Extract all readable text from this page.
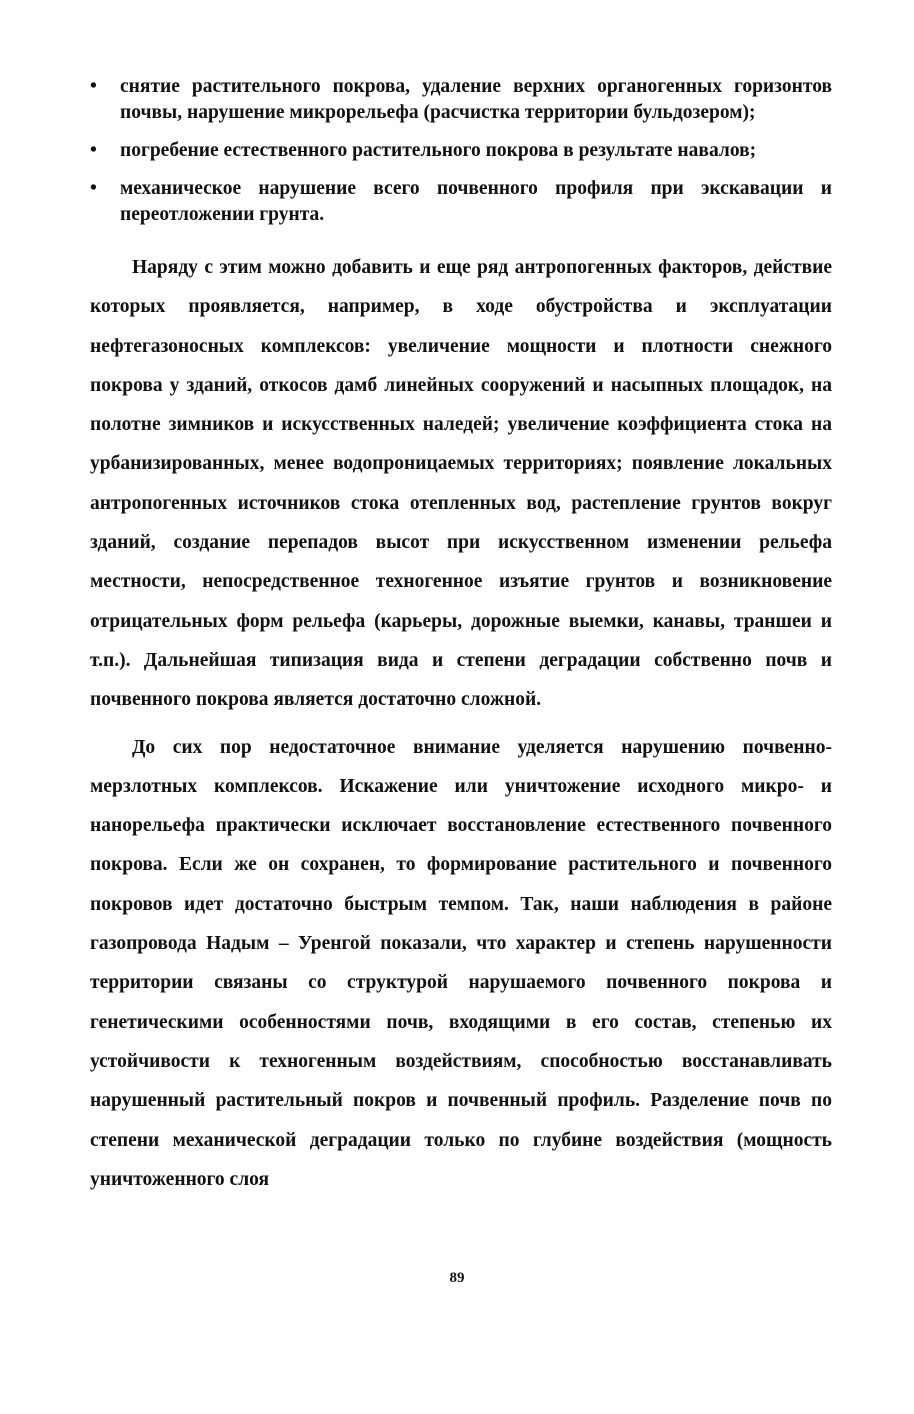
•	снятие растительного покрова, удаление верхних органогенных горизонтов почвы, нарушение микрорельефа (расчистка территории бульдозером);
•	погребение естественного растительного покрова в результате навалов;
•	механическое нарушение всего почвенного профиля при экскавации и переотложении грунта.

Наряду с этим можно добавить и еще ряд антропогенных факторов, действие которых проявляется, например, в ходе обустройства и эксплуатации нефтегазоносных комплексов: увеличение мощности и плотности снежного покрова у зданий, откосов дамб линейных сооружений и насыпных площадок, на полотне зимников и искусственных наледей; увеличение коэффициента стока на урбанизированных, менее водопроницаемых территориях; появление локальных антропогенных источников стока отепленных вод, растепление грунтов вокруг зданий, создание перепадов высот при искусственном изменении рельефа местности, непосредственное техногенное изъятие грунтов и возникновение отрицательных форм рельефа (карьеры, дорожные выемки, канавы, траншеи и т.п.). Дальнейшая типизация вида и степени деградации собственно почв и почвенного покрова является достаточно сложной.

До сих пор недостаточное внимание уделяется нарушению почвенно-мерзлотных комплексов. Искажение или уничтожение исходного микро- и нанорельефа практически исключает восстановление естественного почвенного покрова. Если же он сохранен, то формирование растительного и почвенного покровов идет достаточно быстрым темпом. Так, наши наблюдения в районе газопровода Надым – Уренгой показали, что характер и степень нарушенности территории связаны со структурой нарушаемого почвенного покрова и генетическими особенностями почв, входящими в его состав, степенью их устойчивости к техногенным воздействиям, способностью восстанавливать нарушенный растительный покров и почвенный профиль. Разделение почв по степени механической деградации только по глубине воздействия (мощность уничтоженного слоя

89
